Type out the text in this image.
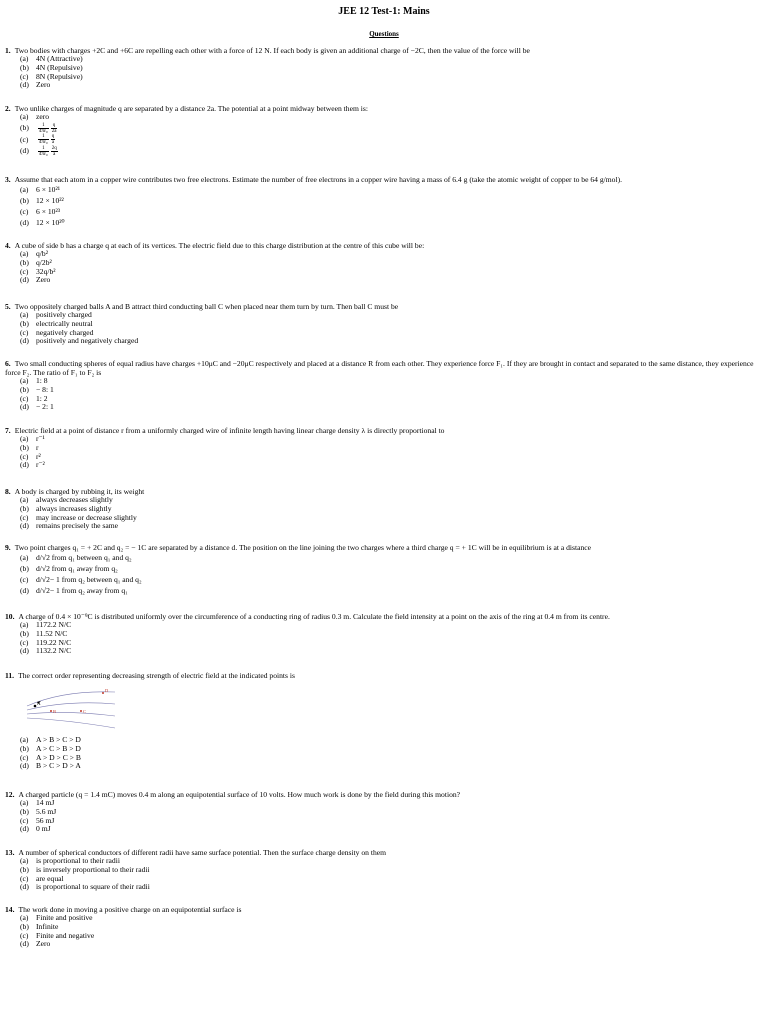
JEE 12 Test-1: Mains
Questions
1. Two bodies with charges +2C and +6C are repelling each other with a force of 12 N. If each body is given an additional charge of −2C, then the value of the force will be
(a) 4N (Attractive)
(b) 4N (Repulsive)
(c) 8N (Repulsive)
(d) Zero
2. Two unlike charges of magnitude q are separated by a distance 2a. The potential at a point midway between them is:
(a) zero
$(b) \frac{1}{\text{4πε₀}}$
$\frac{q}{2a}$
$(c) \frac{1}{\text{4πε₀}}$
$\frac{q}{a}$
$(d) \frac{1}{\text{4πε₀}}$
$\frac{2q}{a}$
3. Assume that each atom in a copper wire contributes two free electrons. Estimate the number of free electrons in a copper wire having a mass of 6.4 g (take the atomic weight of copper to be 64 g/mol).
(a) 6 × 10²¹
(b) 12 × 10²²
(c) 6 × 10²³
(d) 12 × 10²⁰
4. A cube of side b has a charge q at each of its vertices. The electric field due to this charge distribution at the centre of this cube will be:
(a) q/b²
(b) q/2b²
(c) 32q/b²
(d) Zero
5. Two oppositely charged balls A and B attract third conducting ball C when placed near them turn by turn. Then ball C must be
(a) positively charged
(b) electrically neutral
(c) negatively charged
(d) positively and negatively charged
6. Two small conducting spheres of equal radius have charges +10μC and −20μC respectively and placed at a distance R from each other. They experience force F₁. If they are brought in contact and separated to the same distance, they experience force F₂. The ratio of F₁ to F₂ is
(a) 1: 8
(b) − 8: 1
(c) 1: 2
(d) − 2: 1
7. Electric field at a point of distance r from a uniformly charged wire of infinite length having linear charge density λ is directly proportional to
(a) r⁻¹
(b) r
(c) r²
(d) r⁻²
8. A body is charged by rubbing it, its weight
(a) always decreases slightly
(b) always increases slightly
(c) may increase or decrease slightly
(d) remains precisely the same
9. Two point charges q₁ = + 2C and q₂ = − 1C are separated by a distance d. The position on the line joining the two charges where a third charge q = + 1C will be in equilibrium is at a distance
(a) d/√2 from q₁ between q₁ and q₂
(b) d/√2 from q₁ away from q₂
(c) d/√2− 1 from q₂ between q₁ and q₂
(d) d/√2− 1 from q₂ away from q₁
10. A charge of 0.4 × 10⁻⁹C is distributed uniformly over the circumference of a conducting ring of radius 0.3 m. Calculate the field intensity at a point on the axis of the ring at 0.4 m from its centre.
(a) 1172.2 N/C
(b) 11.52 N/C
(c) 119.22 N/C
(d) 1132.2 N/C
11. The correct order representing decreasing strength of electric field at the indicated points is
A
B	C
D
(a) A > B > C > D
(b) A > C > B > D
(c) A > D > C > B
(d) B > C > D > A
12. A charged particle (q = 1.4 mC) moves 0.4 m along an equipotential surface of 10 volts. How much work is done by the field during this motion?
(a) 14 mJ
(b) 5.6 mJ
(c) 56 mJ
(d) 0 mJ
13. A number of spherical conductors of different radii have same surface potential. Then the surface charge density on them
(a) is proportional to their radii
(b) is inversely proportional to their radii
(c) are equal
(d) is proportional to square of their radii
14. The work done in moving a positive charge on an equipotential surface is
(a) Finite and positive
(b) Infinite
(c) Finite and negative
(d) Zero
